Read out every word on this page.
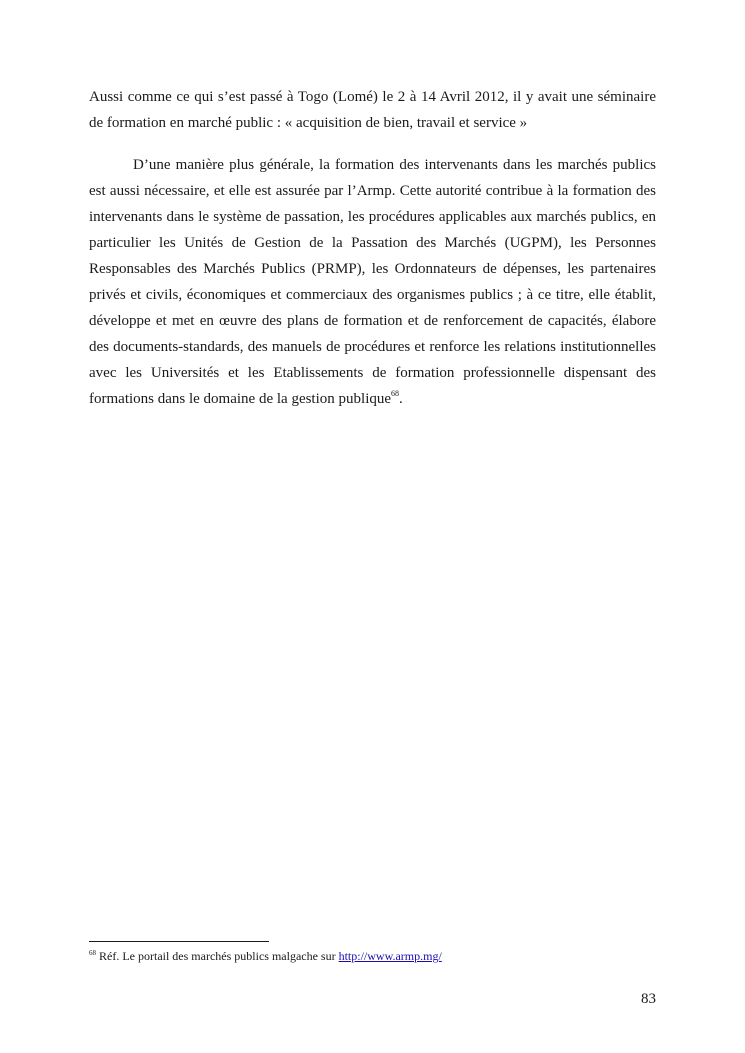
Aussi comme ce qui s’est passé à Togo (Lomé) le 2 à 14 Avril 2012, il y avait une séminaire de formation en marché public : « acquisition de bien, travail et service »

D’une manière plus générale, la formation des intervenants dans les marchés publics est aussi nécessaire, et elle est assurée par l’Armp. Cette autorité contribue à la formation des intervenants dans le système de passation, les procédures applicables aux marchés publics, en particulier les Unités de Gestion de la Passation des Marchés (UGPM), les Personnes Responsables des Marchés Publics (PRMP), les Ordonnateurs de dépenses, les partenaires privés et civils, économiques et commerciaux des organismes publics ; à ce titre, elle établit, développe et met en œuvre des plans de formation et de renforcement de capacités, élabore des documents-standards, des manuels de procédures et renforce les relations institutionnelles avec les Universités et les Etablissements de formation professionnelle dispensant des formations dans le domaine de la gestion publique$^{68}$.

$^{68}$ Réf. Le portail des marchés publics malgache sur http://www.armp.mg/

83
